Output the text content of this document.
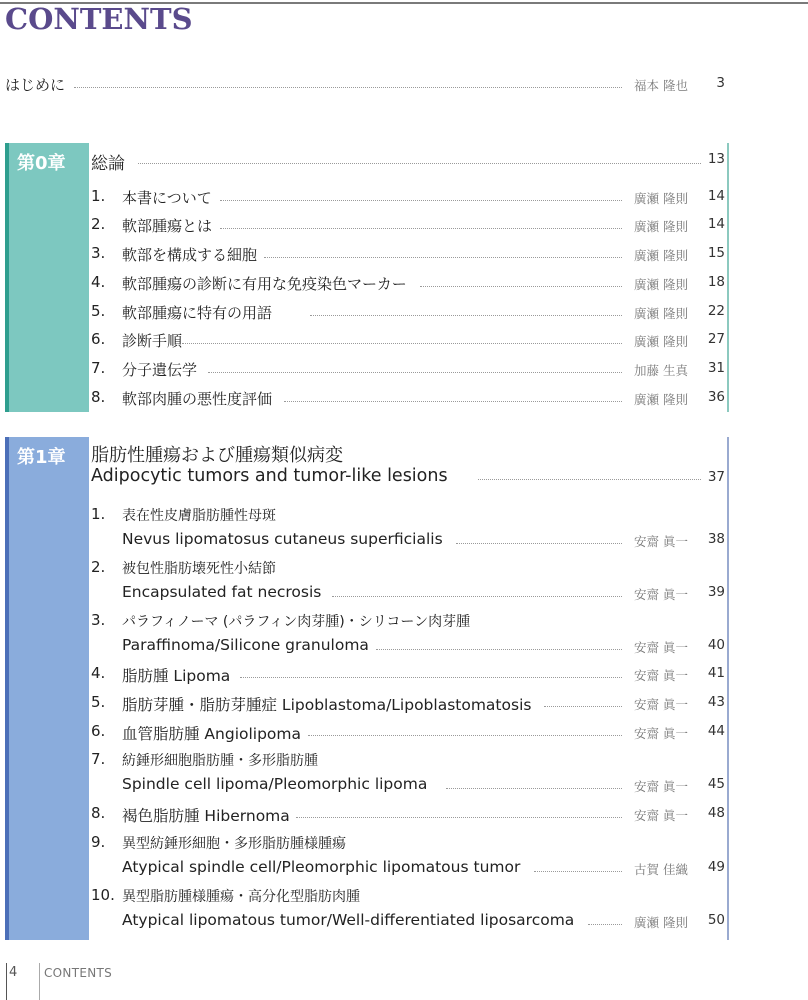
CONTENTS
はじめに	福本 隆也	3
第0章 総論	13
1. 本書について	廣瀬 隆則	14
2. 軟部腫瘍とは	廣瀬 隆則	14
3. 軟部を構成する細胞	廣瀬 隆則	15
4. 軟部腫瘍の診断に有用な免疫染色マーカー	廣瀬 隆則	18
5. 軟部腫瘍に特有の用語	廣瀬 隆則	22
6. 診断手順	廣瀬 隆則	27
7. 分子遺伝学	加藤 生真	31
8. 軟部肉腫の悪性度評価	廣瀬 隆則	36
第1章 脂肪性腫瘍および腫瘍類似病変
Adipocytic tumors and tumor-like lesions	37
1. 表在性皮膚脂肪腫性母斑
Nevus lipomatosus cutaneus superficialis	安齋 眞一	38
2. 被包性脂肪壊死性小結節
Encapsulated fat necrosis	安齋 眞一	39
3. パラフィノーマ (パラフィン肉芽腫)・シリコーン肉芽腫
Paraffinoma/Silicone granuloma	安齋 眞一	40
4. 脂肪腫 Lipoma	安齋 眞一	41
5. 脂肪芽腫・脂肪芽腫症 Lipoblastoma/Lipoblastomatosis	安齋 眞一	43
6. 血管脂肪腫 Angiolipoma	安齋 眞一	44
7. 紡錘形細胞脂肪腫・多形脂肪腫
Spindle cell lipoma/Pleomorphic lipoma	安齋 眞一	45
8. 褐色脂肪腫 Hibernoma	安齋 眞一	48
9. 異型紡錘形細胞・多形脂肪腫様腫瘍
Atypical spindle cell/Pleomorphic lipomatous tumor	古賀 佳織	49
10. 異型脂肪腫様腫瘍・高分化型脂肪肉腫
Atypical lipomatous tumor/Well-differentiated liposarcoma	廣瀬 隆則	50
4 CONTENTS
